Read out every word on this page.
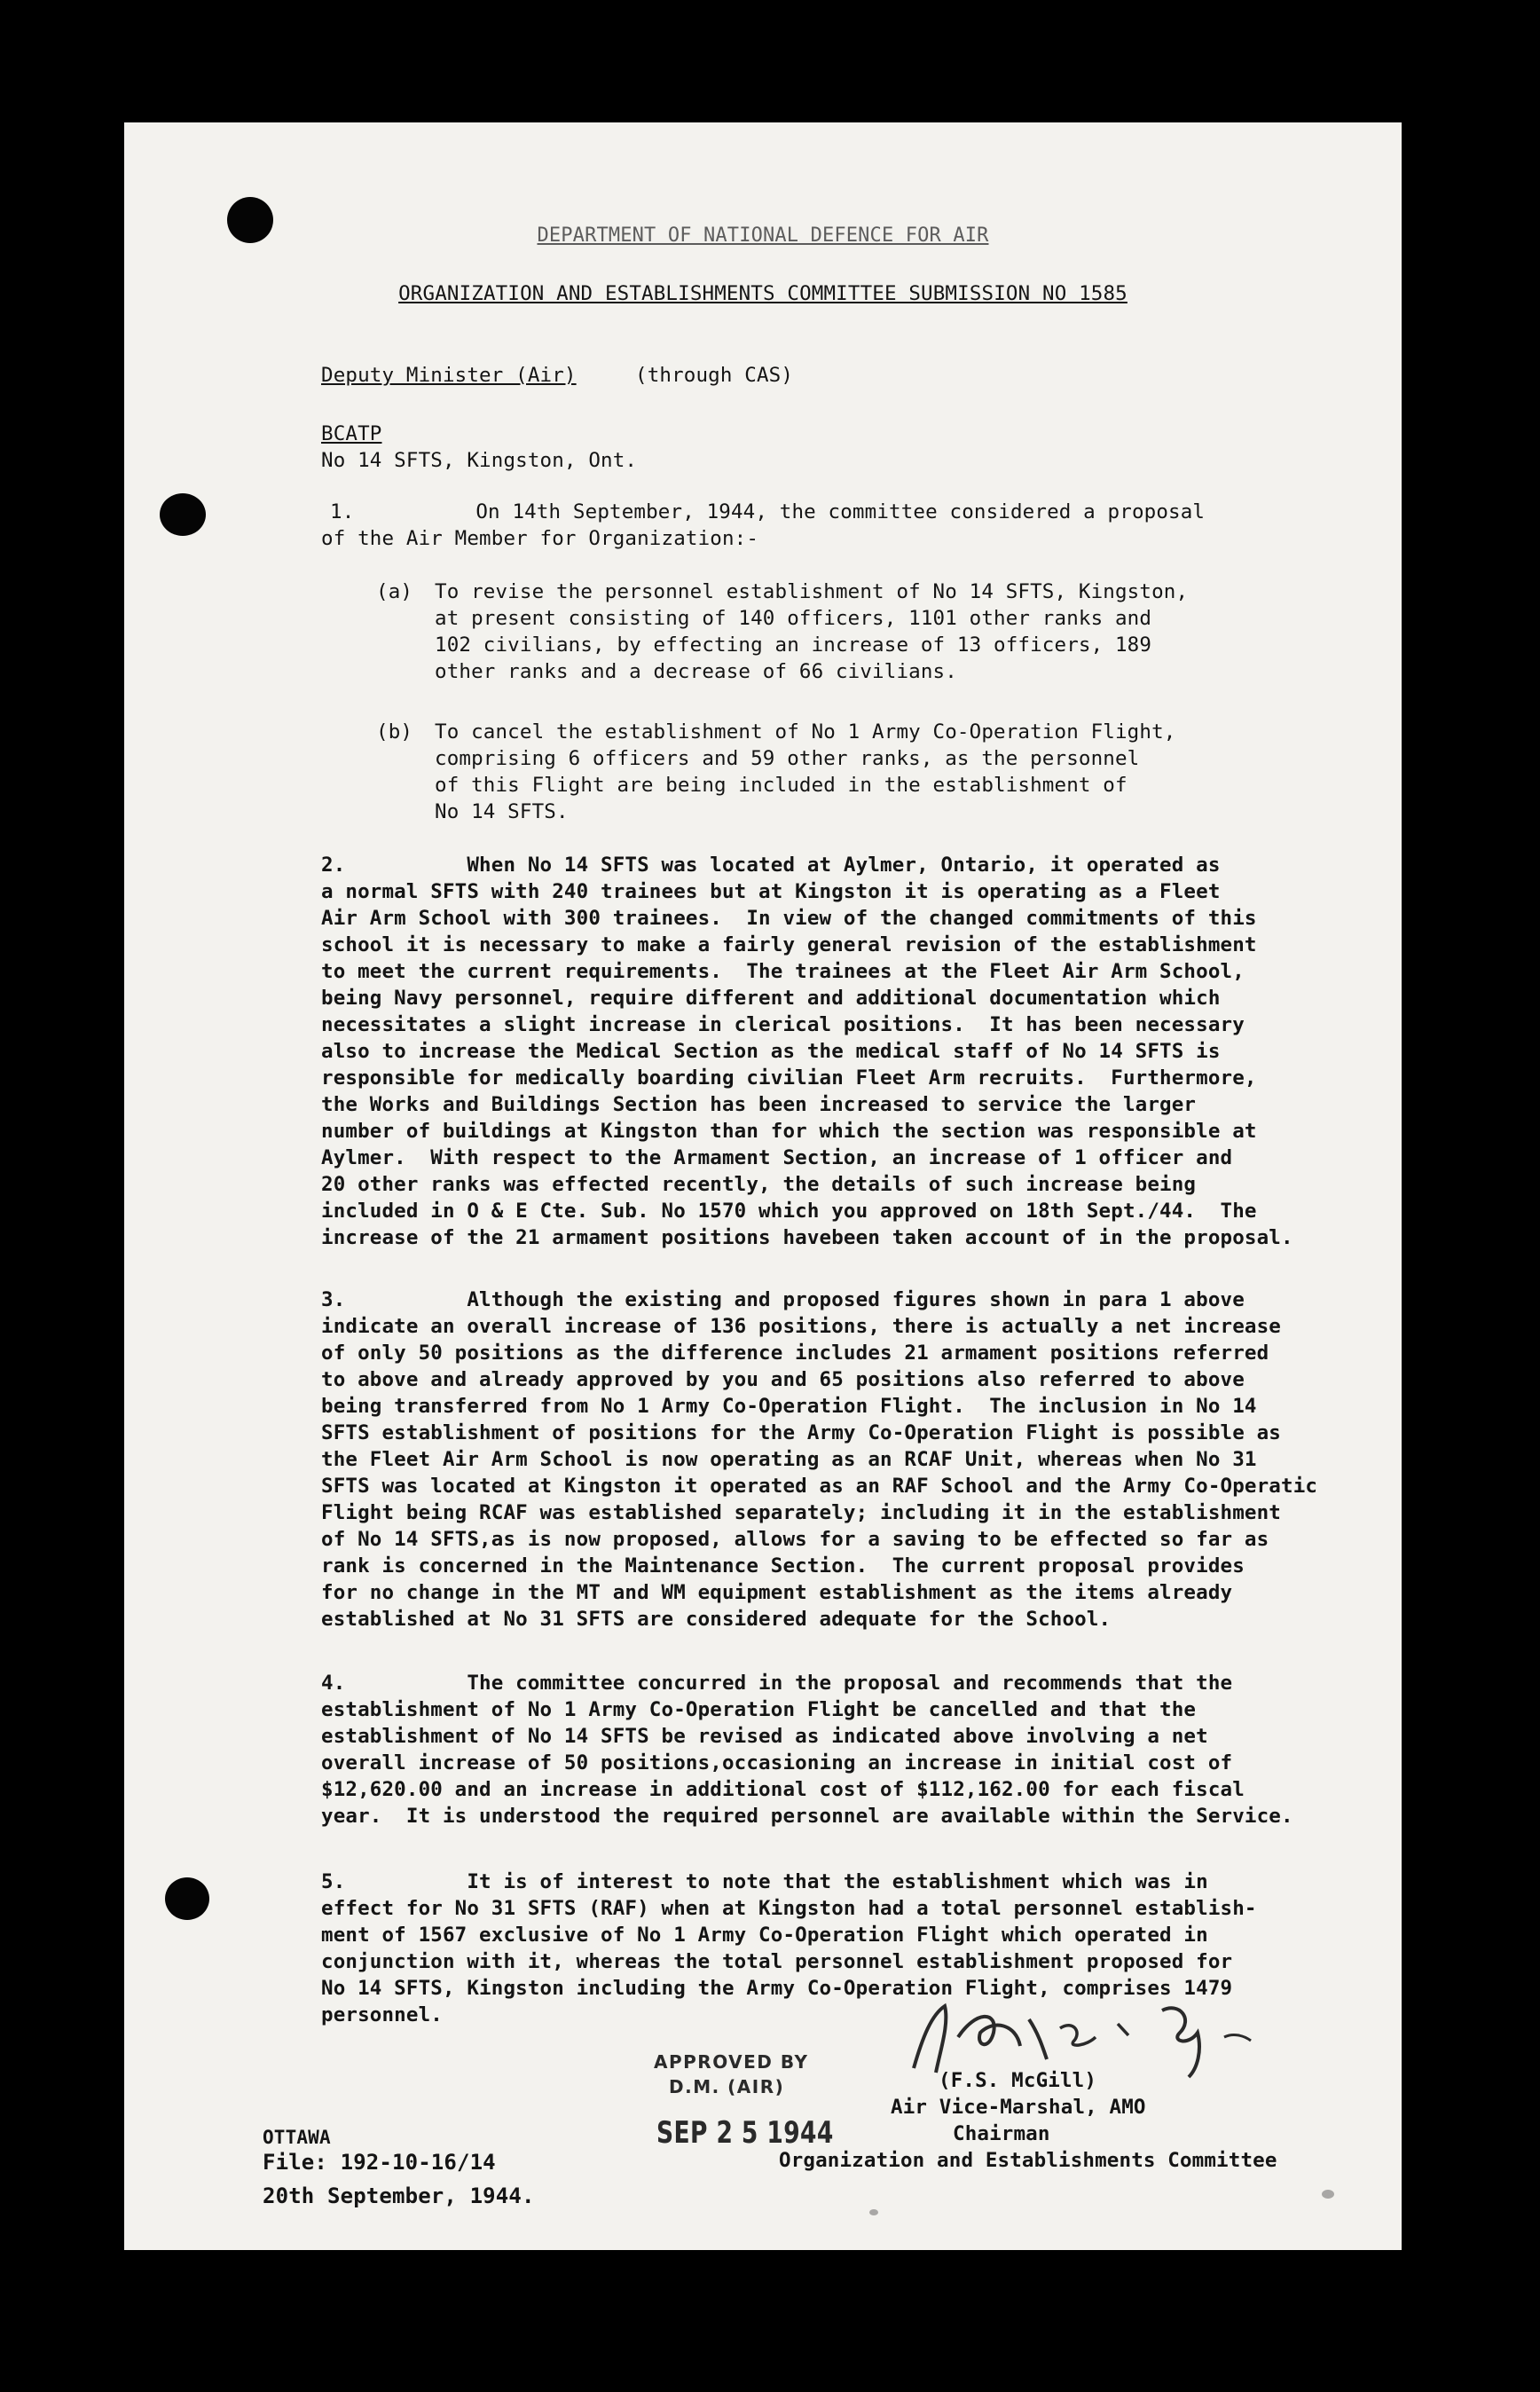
DEPARTMENT OF NATIONAL DEFENCE FOR AIR
ORGANIZATION AND ESTABLISHMENTS COMMITTEE SUBMISSION NO 1585
Deputy Minister (Air)	(through CAS)
BCATP
No 14 SFTS, Kingston, Ont.
1.          On 14th September, 1944, the committee considered a proposal
of the Air Member for Organization:-
(a) To revise the personnel establishment of No 14 SFTS, Kingston,
at present consisting of 140 officers, 1101 other ranks and
102 civilians, by effecting an increase of 13 officers, 189
other ranks and a decrease of 66 civilians.
(b) To cancel the establishment of No 1 Army Co-Operation Flight,
comprising 6 officers and 59 other ranks, as the personnel
of this Flight are being included in the establishment of
No 14 SFTS.
2.          When No 14 SFTS was located at Aylmer, Ontario, it operated as
a normal SFTS with 240 trainees but at Kingston it is operating as a Fleet
Air Arm School with 300 trainees.  In view of the changed commitments of this
school it is necessary to make a fairly general revision of the establishment
to meet the current requirements.  The trainees at the Fleet Air Arm School,
being Navy personnel, require different and additional documentation which
necessitates a slight increase in clerical positions.  It has been necessary
also to increase the Medical Section as the medical staff of No 14 SFTS is
responsible for medically boarding civilian Fleet Arm recruits.  Furthermore,
the Works and Buildings Section has been increased to service the larger
number of buildings at Kingston than for which the section was responsible at
Aylmer.  With respect to the Armament Section, an increase of 1 officer and
20 other ranks was effected recently, the details of such increase being
included in O & E Cte. Sub. No 1570 which you approved on 18th Sept./44.  The
increase of the 21 armament positions havebeen taken account of in the proposal.
3.          Although the existing and proposed figures shown in para 1 above
indicate an overall increase of 136 positions, there is actually a net increase
of only 50 positions as the difference includes 21 armament positions referred
to above and already approved by you and 65 positions also referred to above
being transferred from No 1 Army Co-Operation Flight.  The inclusion in No 14
SFTS establishment of positions for the Army Co-Operation Flight is possible as
the Fleet Air Arm School is now operating as an RCAF Unit, whereas when No 31
SFTS was located at Kingston it operated as an RAF School and the Army Co-Operatic
Flight being RCAF was established separately; including it in the establishment
of No 14 SFTS,as is now proposed, allows for a saving to be effected so far as
rank is concerned in the Maintenance Section.  The current proposal provides
for no change in the MT and WM equipment establishment as the items already
established at No 31 SFTS are considered adequate for the School.
4.          The committee concurred in the proposal and recommends that the
establishment of No 1 Army Co-Operation Flight be cancelled and that the
establishment of No 14 SFTS be revised as indicated above involving a net
overall increase of 50 positions,occasioning an increase in initial cost of
$12,620.00 and an increase in additional cost of $112,162.00 for each fiscal
year.  It is understood the required personnel are available within the Service.
5.          It is of interest to note that the establishment which was in
effect for No 31 SFTS (RAF) when at Kingston had a total personnel establish-
ment of 1567 exclusive of No 1 Army Co-Operation Flight which operated in
conjunction with it, whereas the total personnel establishment proposed for
No 14 SFTS, Kingston including the Army Co-Operation Flight, comprises 1479
personnel.
APPROVED BY
D.M. (AIR)
SEP 2 5 1944
(F.S. McGill)
Air Vice-Marshal, AMO
Chairman
Organization and Establishments Committee
OTTAWA
File: 192-10-16/14
20th September, 1944.
